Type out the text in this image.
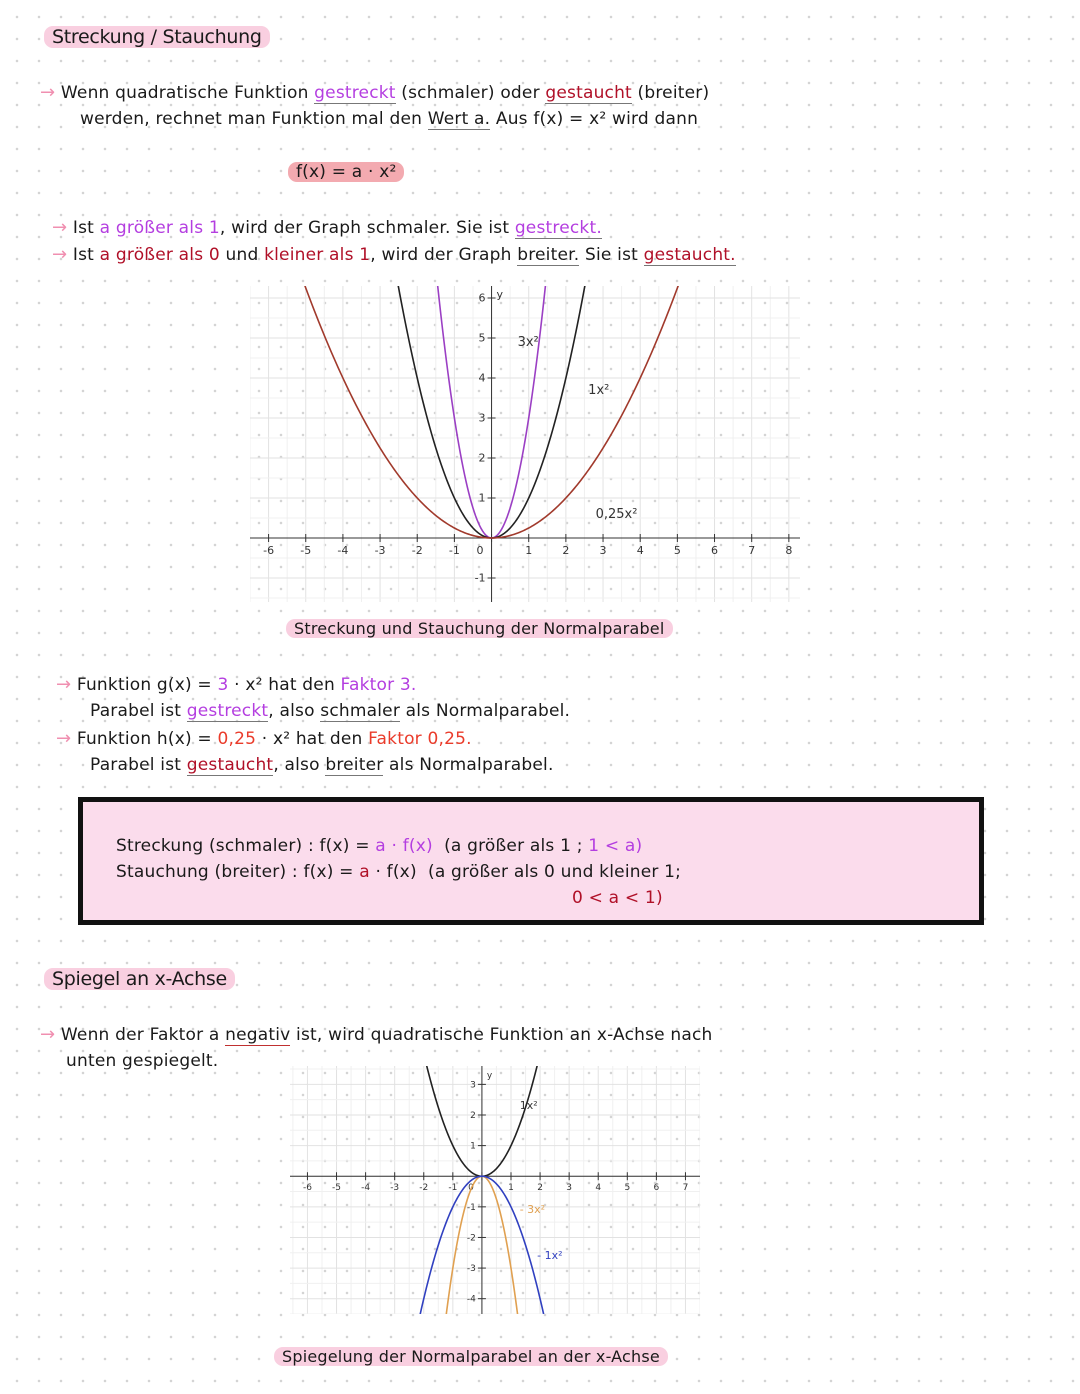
Streckung / Stauchung
→ Wenn quadratische Funktion gestreckt (schmaler) oder gestaucht (breiter)
werden, rechnet man Funktion mal den Wert a. Aus f(x) = x² wird dann
f(x) = a · x²
→ Ist a größer als 1, wird der Graph schmaler. Sie ist gestreckt.
→ Ist a größer als 0 und kleiner als 1, wird der Graph breiter. Sie ist gestaucht.
y
-6 -5 -4 -3 -2 -1 0	1	2	3	4	5	6	7	8
-1
1
2
3
4
5
6
3x²
1x²
0,25x²
Streckung und Stauchung der Normalparabel
→ Funktion g(x) = 3 · x² hat den Faktor 3.
Parabel ist gestreckt, also schmaler als Normalparabel.
→ Funktion h(x) = 0,25 · x² hat den Faktor 0,25.
Parabel ist gestaucht, also breiter als Normalparabel.
Streckung (schmaler) : f(x) = a · f(x) (a größer als 1 ; 1 < a)
Stauchung (breiter) : f(x) = a · f(x) (a größer als 0 und kleiner 1;
0 < a < 1)
Spiegel an x-Achse
→ Wenn der Faktor a negativ ist, wird quadratische Funktion an x-Achse nach
unten gespiegelt.
y
-6 -5 -4 -3 -2 -1 0	1	2	3	4	5	6	7
-4
-3
-2
-1
1
2
3
1x²
- 3x²
- 1x²
Spiegelung der Normalparabel an der x-Achse
